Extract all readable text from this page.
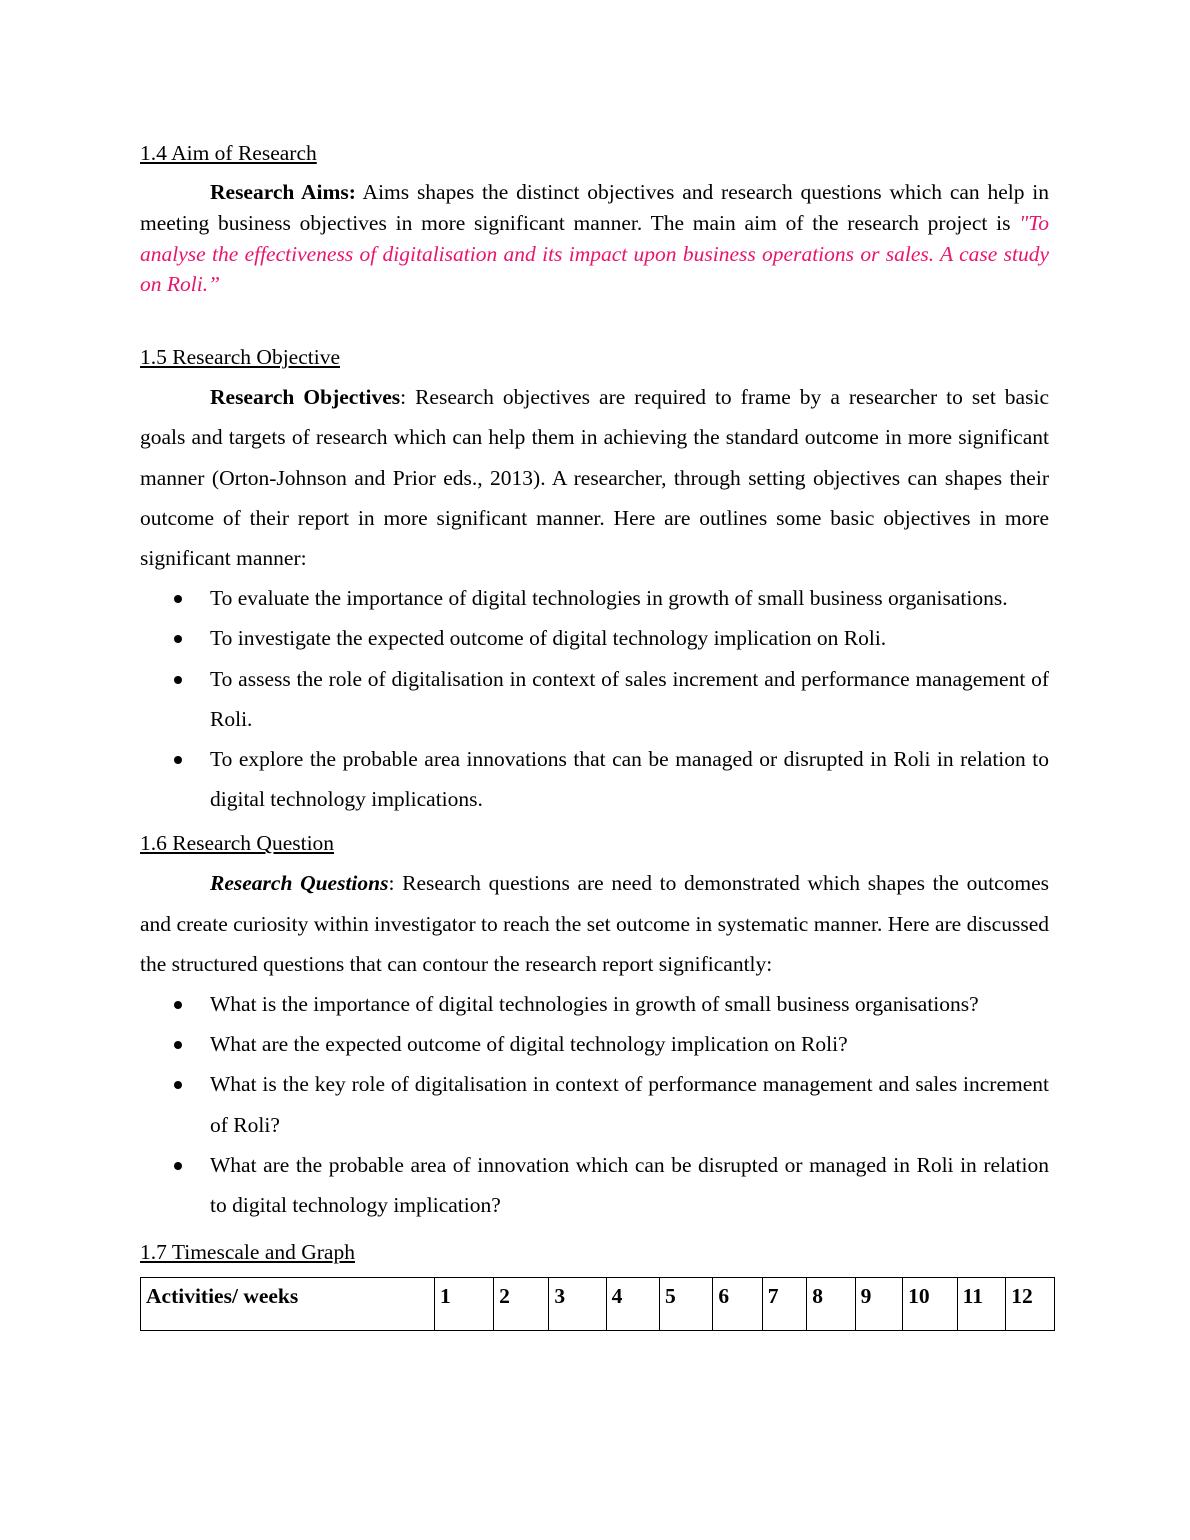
1.4 Aim of Research

Research Aims: Aims shapes the distinct objectives and research questions which can help in meeting business objectives in more significant manner. The main aim of the research project is "To analyse the effectiveness of digitalisation and its impact upon business operations or sales. A case study on Roli.”

1.5 Research Objective

Research Objectives: Research objectives are required to frame by a researcher to set basic goals and targets of research which can help them in achieving the standard outcome in more significant manner (Orton-Johnson and Prior eds., 2013). A researcher, through setting objectives can shapes their outcome of their report in more significant manner. Here are outlines some basic objectives in more significant manner:

To evaluate the importance of digital technologies in growth of small business organisations.
To investigate the expected outcome of digital technology implication on Roli.
To assess the role of digitalisation in context of sales increment and performance management of Roli.
To explore the probable area innovations that can be managed or disrupted in Roli in relation to digital technology implications.
1.6 Research Question

Research Questions: Research questions are need to demonstrated which shapes the outcomes and create curiosity within investigator to reach the set outcome in systematic manner. Here are discussed the structured questions that can contour the research report significantly:

What is the importance of digital technologies in growth of small business organisations?
What are the expected outcome of digital technology implication on Roli?
What is the key role of digitalisation in context of performance management and sales increment of Roli?
What are the probable area of innovation which can be disrupted or managed in Roli in relation to digital technology implication?
1.7 Timescale and Graph
Activities/ weeks	1	2	3	4	5	6	7	8	9	10	11	12
